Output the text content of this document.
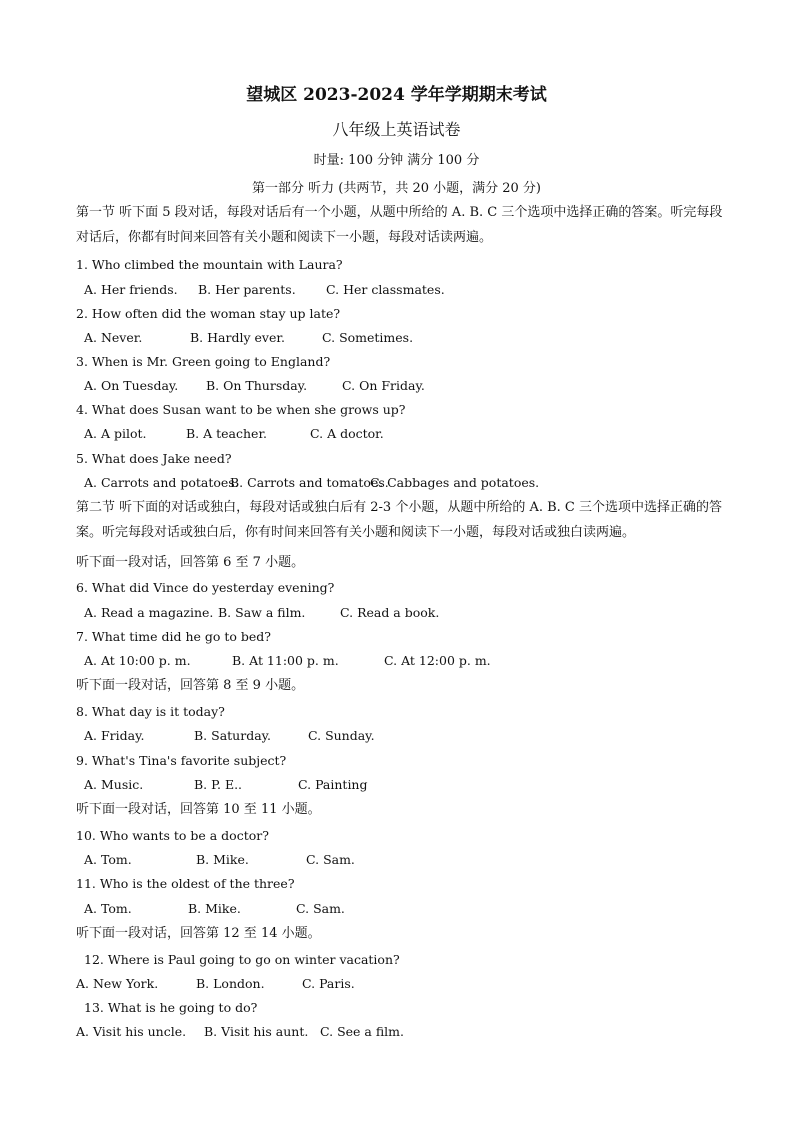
望城区 2023-2024 学年学期期末考试
八年级上英语试卷
时量: 100 分钟 满分 100 分
第一部分 听力 (共两节，共 20 小题，满分 20 分)
第一节 听下面 5 段对话，每段对话后有一个小题，从题中所给的 A. B. C 三个选项中选择正确的答案。听完每段对话后，你都有时间来回答有关小题和阅读下一小题，每段对话读两遍。
1. Who climbed the mountain with Laura?
A. Her friends. B. Her parents. C. Her classmates.
2. How often did the woman stay up late?
A. Never.	B. Hardly ever.	C. Sometimes.
3. When is Mr. Green going to England?
A. On Tuesday. B. On Thursday.	C. On Friday.
4. What does Susan want to be when she grows up?
A. A pilot.	B. A teacher.	C. A doctor.
5. What does Jake need?
A. Carrots and potatoes.
B. Carrots and tomatoes.
C. Cabbages and potatoes.
第二节 听下面的对话或独白，每段对话或独白后有 2-3 个小题，从题中所给的 A. B. C 三个选项中选择正确的答案。听完每段对话或独白后，你有时间来回答有关小题和阅读下一小题，每段对话或独白读两遍。
听下面一段对话，回答第 6 至 7 小题。
6. What did Vince do yesterday evening?
A. Read a magazine. B. Saw a film.	C. Read a book.
7. What time did he go to bed?
A. At 10:00 p. m.	B. At 11:00 p. m.	C. At 12:00 p. m.
听下面一段对话，回答第 8 至 9 小题。
8. What day is it today?
A. Friday.	B. Saturday.	C. Sunday.
9. What's Tina's favorite subject?
A. Music.	B. P. E..	C. Painting
听下面一段对话，回答第 10 至 11 小题。
10. Who wants to be a doctor?
A. Tom.	B. Mike.	C. Sam.
11. Who is the oldest of the three?
A. Tom.	B. Mike.	C. Sam.
听下面一段对话，回答第 12 至 14 小题。
12. Where is Paul going to go on winter vacation?
A. New York.	B. London.	C. Paris.
13. What is he going to do?
A. Visit his uncle. B. Visit his aunt. C. See a film.
